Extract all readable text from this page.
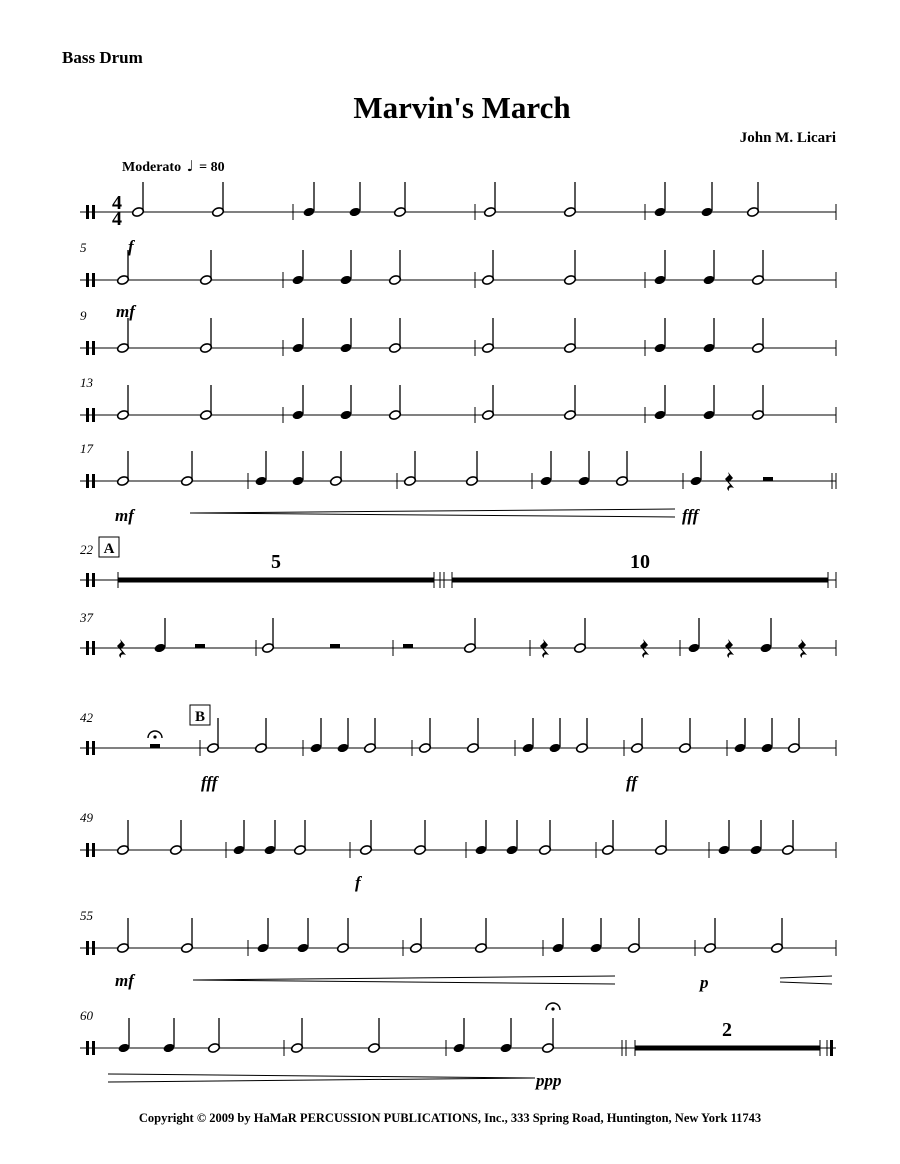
Bass Drum
Marvin's March
John M. Licari
Moderato ♩ = 80
4
4
f
5
mf
9
13
17
mf	fff
22 A
5	10
37
42	B
fff	ff
49
f
55
mf	p
60
2
ppp
Copyright © 2009 by HaMaR PERCUSSION PUBLICATIONS, Inc., 333 Spring Road, Huntington, New York 11743
